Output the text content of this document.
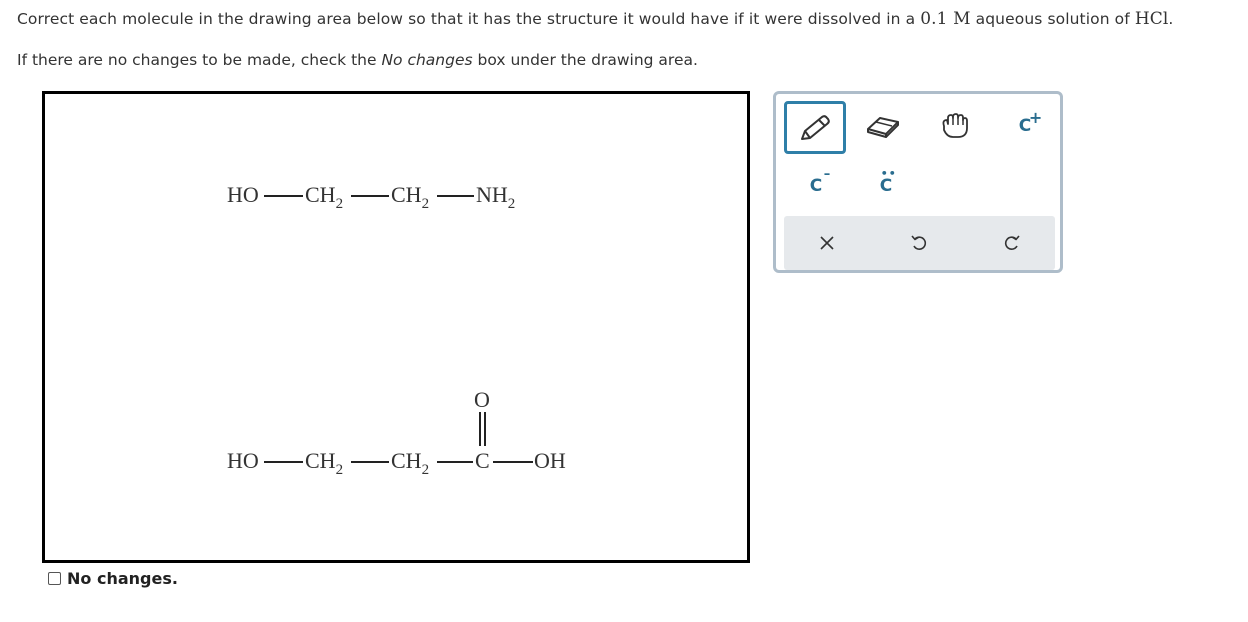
Correct each molecule in the drawing area below so that it has the structure it would have if it were dissolved in a 0.1 M aqueous solution of HCl.
If there are no changes to be made, check the No changes box under the drawing area.
HO $CH_2$ $CH_2$ $NH_2$
O
HO $CH_2$ $CH_2$ C OH
No changes.
C
+
C
–	••
C
